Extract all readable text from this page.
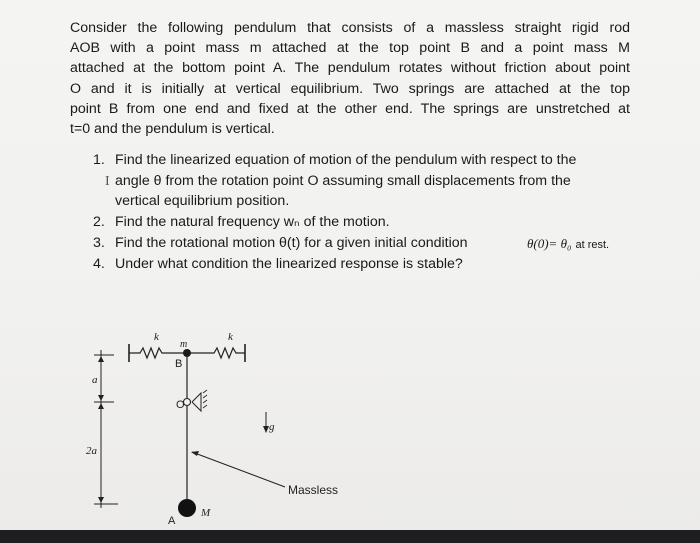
Consider the following pendulum that consists of a massless straight rigid rod
AOB with a point mass m attached at the top point B and a point mass M
attached at the bottom point A. The pendulum rotates without friction about point
O and it is initially at vertical equilibrium. Two springs are attached at the top
point B from one end and fixed at the other end. The springs are unstretched at
t=0 and the pendulum is vertical.
1. Find the linearized equation of motion of the pendulum with respect to the
angle θ from the rotation point O assuming small displacements from the
vertical equilibrium position.
I
2. Find the natural frequency wₙ of the motion.
3. Find the rotational motion θ(t) for a given initial condition	θ(0)= θ₀ at rest.
4. Under what condition the linearized response is stable?
k	k
m
B
O
A
M
g
Massless
a
2a
